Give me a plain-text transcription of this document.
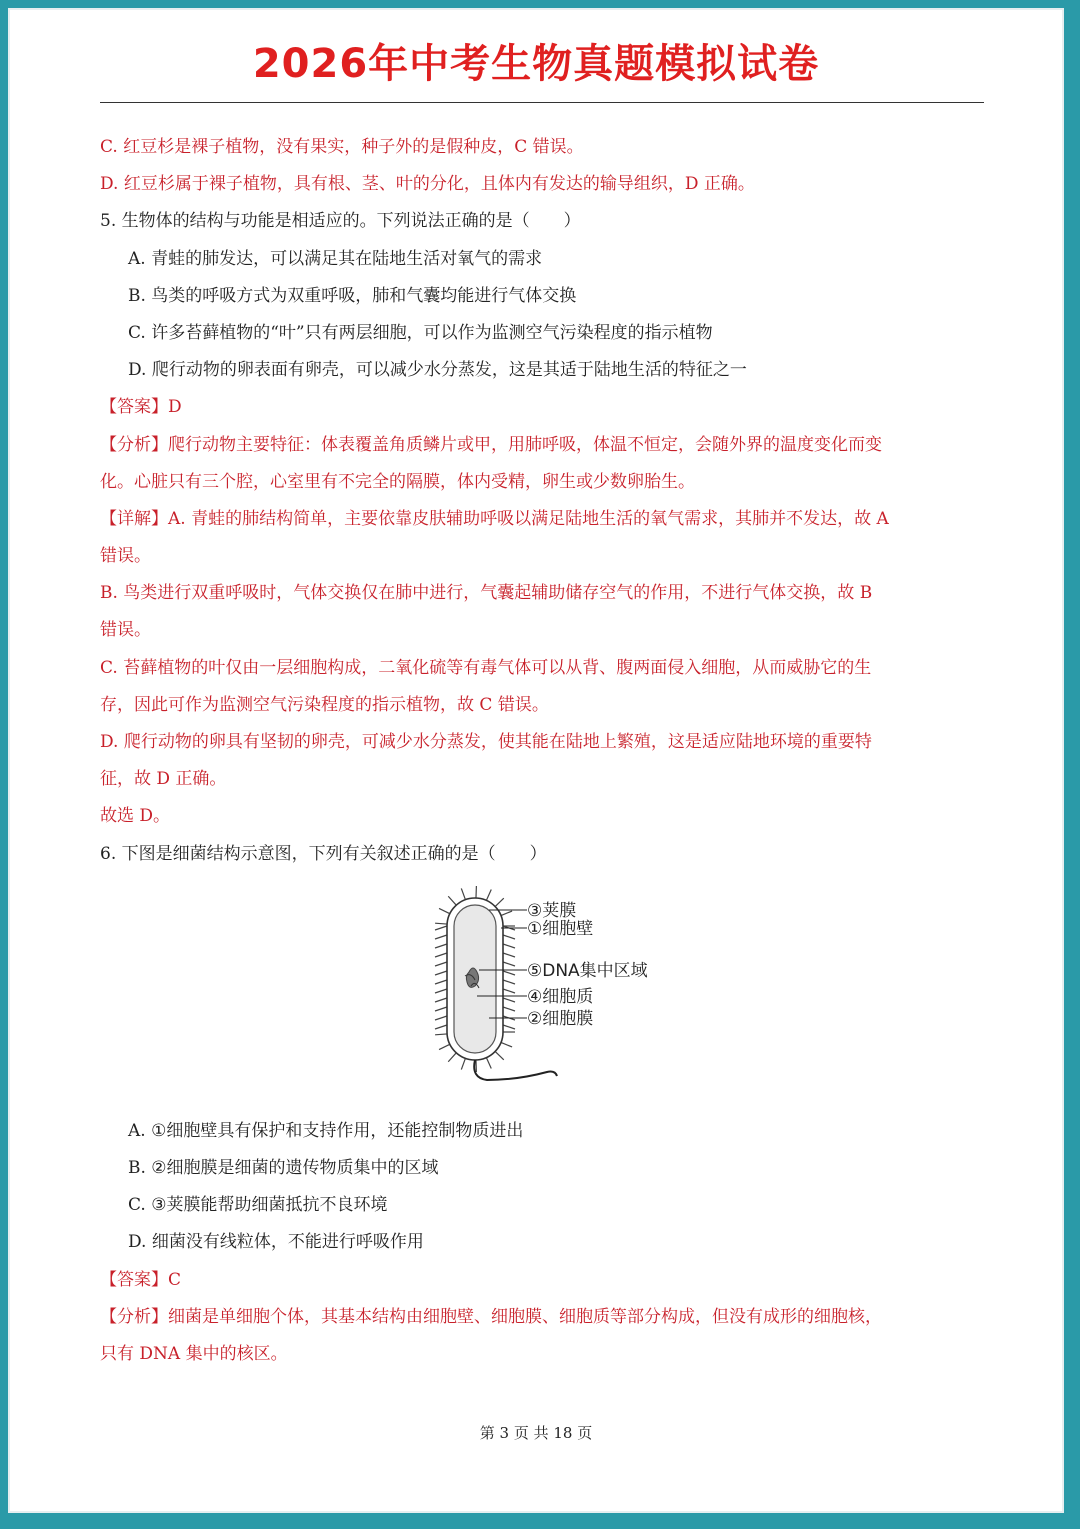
2026年中考生物真题模拟试卷
C. 红豆杉是裸子植物，没有果实，种子外的是假种皮，C 错误。
D. 红豆杉属于裸子植物，具有根、茎、叶的分化，且体内有发达的输导组织，D 正确。
5. 生物体的结构与功能是相适应的。下列说法正确的是（　　）
A. 青蛙的肺发达，可以满足其在陆地生活对氧气的需求
B. 鸟类的呼吸方式为双重呼吸，肺和气囊均能进行气体交换
C. 许多苔藓植物的“叶”只有两层细胞，可以作为监测空气污染程度的指示植物
D. 爬行动物的卵表面有卵壳，可以减少水分蒸发，这是其适于陆地生活的特征之一
【答案】D
【分析】爬行动物主要特征：体表覆盖角质鳞片或甲，用肺呼吸，体温不恒定，会随外界的温度变化而变
化。心脏只有三个腔，心室里有不完全的隔膜，体内受精，卵生或少数卵胎生。
【详解】A. 青蛙的肺结构简单，主要依靠皮肤辅助呼吸以满足陆地生活的氧气需求，其肺并不发达，故 A
错误。
B. 鸟类进行双重呼吸时，气体交换仅在肺中进行，气囊起辅助储存空气的作用，不进行气体交换，故 B
错误。
C. 苔藓植物的叶仅由一层细胞构成，二氧化硫等有毒气体可以从背、腹两面侵入细胞，从而威胁它的生
存，因此可作为监测空气污染程度的指示植物，故 C 错误。
D. 爬行动物的卵具有坚韧的卵壳，可减少水分蒸发，使其能在陆地上繁殖，这是适应陆地环境的重要特
征，故 D 正确。
故选 D。
6. 下图是细菌结构示意图，下列有关叙述正确的是（　　）
③荚膜
①细胞壁
⑤DNA集中区域
④细胞质
②细胞膜
A. ①细胞壁具有保护和支持作用，还能控制物质进出
B. ②细胞膜是细菌的遗传物质集中的区域
C. ③荚膜能帮助细菌抵抗不良环境
D. 细菌没有线粒体，不能进行呼吸作用
【答案】C
【分析】细菌是单细胞个体，其基本结构由细胞壁、细胞膜、细胞质等部分构成，但没有成形的细胞核，
只有 DNA 集中的核区。
第 3 页 共 18 页
